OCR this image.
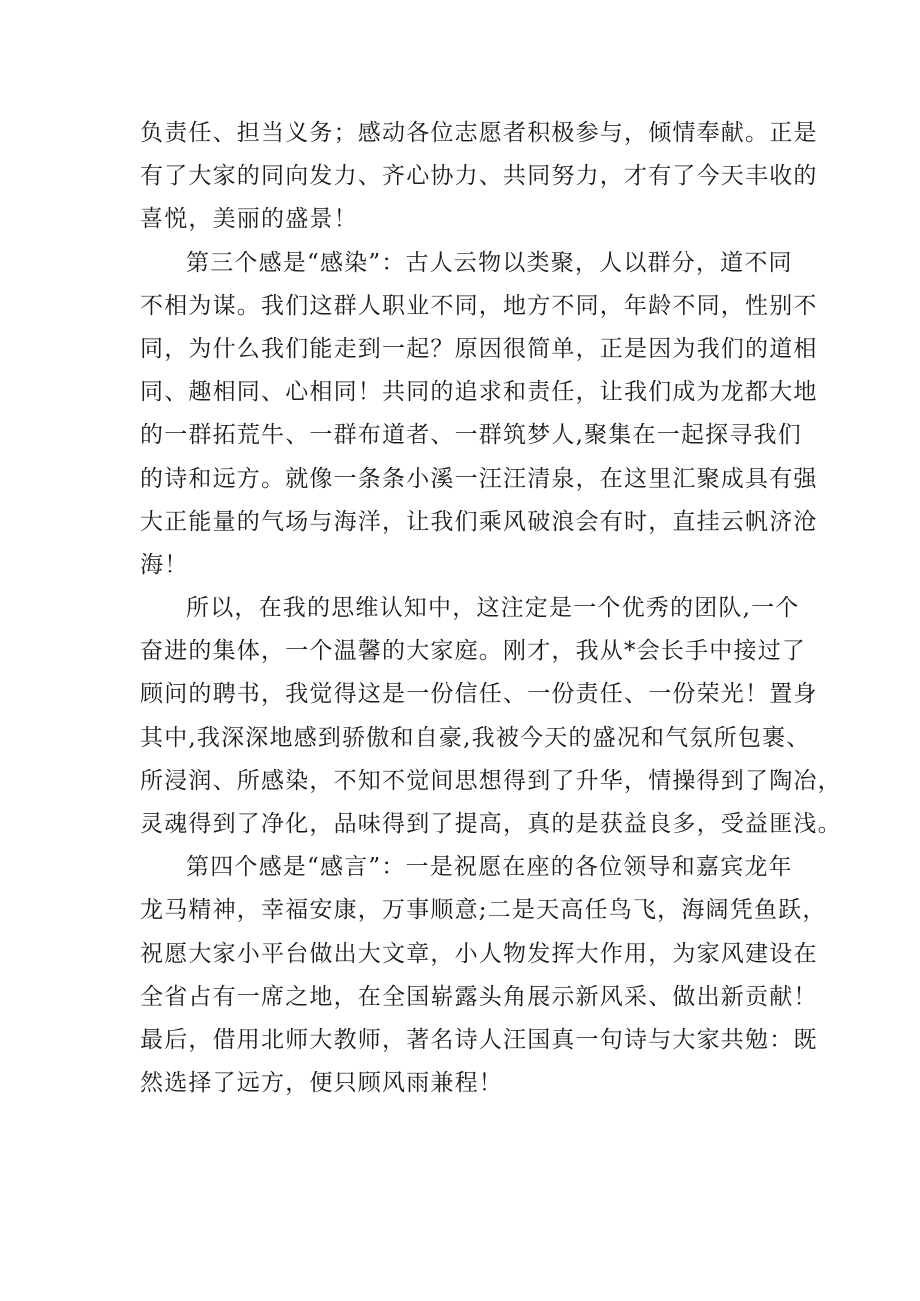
负责任、担当义务；感动各位志愿者积极参与，倾情奉献。正是
有了大家的同向发力、齐心协力、共同努力，才有了今天丰收的
喜悦，美丽的盛景！
第三个感是“感染”：古人云物以类聚，人以群分，道不同
不相为谋。我们这群人职业不同，地方不同，年龄不同，性别不
同，为什么我们能走到一起？原因很简单，正是因为我们的道相
同、趣相同、心相同！共同的追求和责任，让我们成为龙都大地
的一群拓荒牛、一群布道者、一群筑梦人,聚集在一起探寻我们
的诗和远方。就像一条条小溪一汪汪清泉，在这里汇聚成具有强
大正能量的气场与海洋，让我们乘风破浪会有时，直挂云帆济沧
海！
所以，在我的思维认知中，这注定是一个优秀的团队,一个
奋进的集体，一个温馨的大家庭。刚才，我从*会长手中接过了
顾问的聘书，我觉得这是一份信任、一份责任、一份荣光！置身
其中,我深深地感到骄傲和自豪,我被今天的盛况和气氛所包裹、
所浸润、所感染，不知不觉间思想得到了升华，情操得到了陶冶，
灵魂得到了净化，品味得到了提高，真的是获益良多，受益匪浅。
第四个感是“感言”：一是祝愿在座的各位领导和嘉宾龙年
龙马精神，幸福安康，万事顺意;二是天高任鸟飞，海阔凭鱼跃，
祝愿大家小平台做出大文章，小人物发挥大作用，为家风建设在
全省占有一席之地，在全国崭露头角展示新风采、做出新贡献！
最后，借用北师大教师，著名诗人汪国真一句诗与大家共勉：既
然选择了远方，便只顾风雨兼程！
